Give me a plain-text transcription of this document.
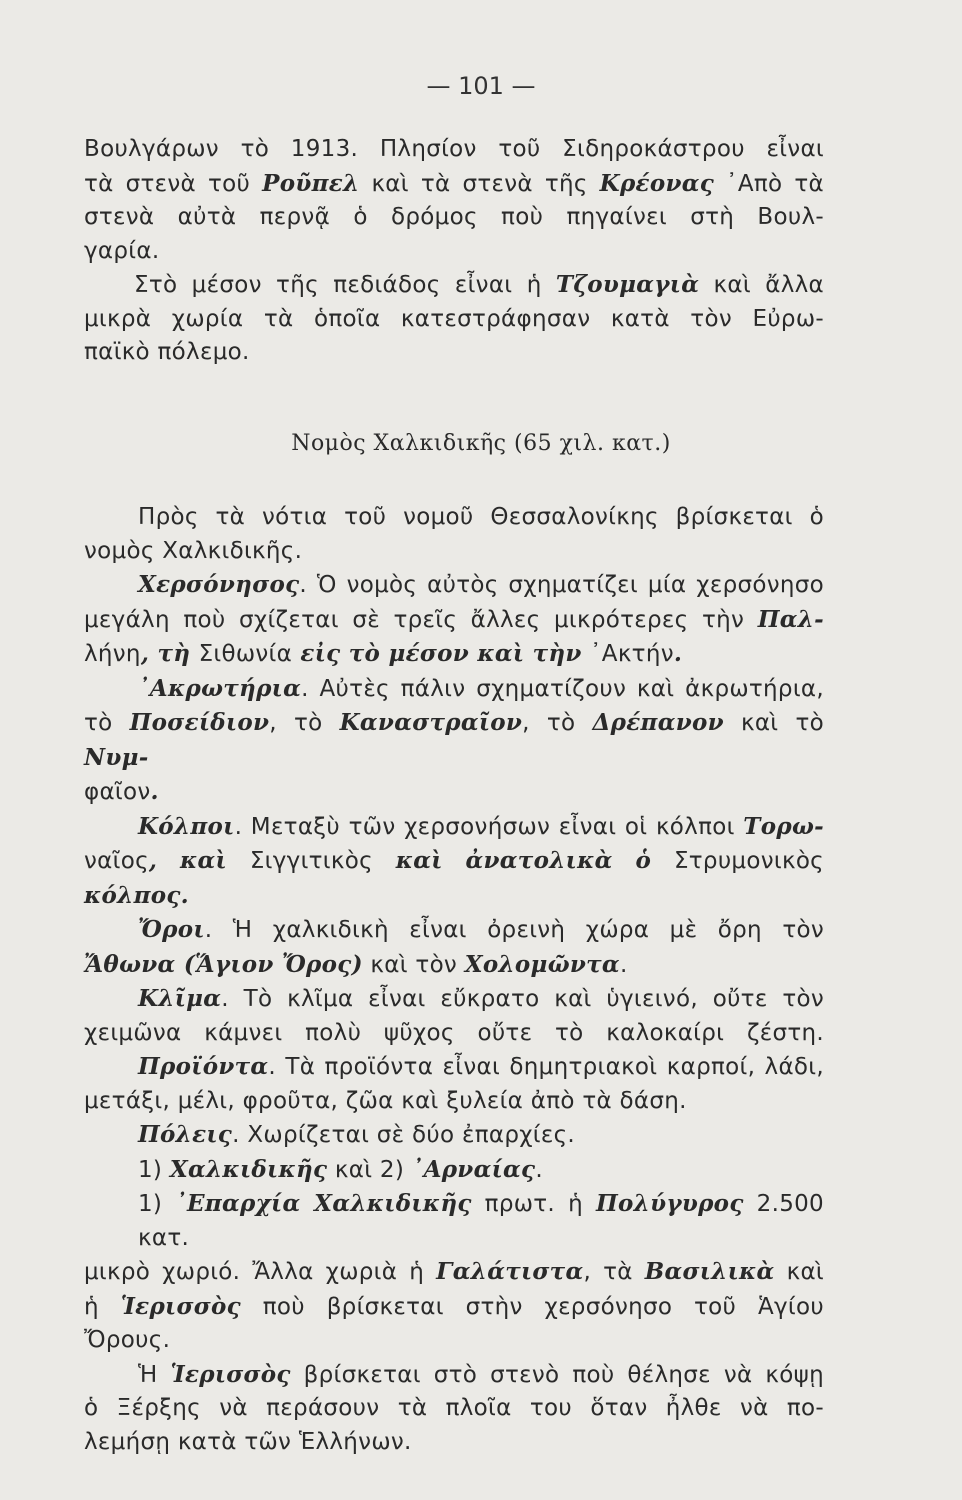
— 101 —
Βουλγάρων τὸ 1913. Πλησίον τοῦ Σιδηροκάστρου εἶναι
τὰ στενὰ τοῦ Ροῦπελ καὶ τὰ στενὰ τῆς Κρέονας ᾿Απὸ τὰ
στενὰ αὐτὰ περνᾷ ὁ δρόμος ποὺ πηγαίνει στὴ Βουλ-
γαρία.
Στὸ μέσον τῆς πεδιάδος εἶναι ἡ Τζουμαγιὰ καὶ ἄλλα
μικρὰ χωρία τὰ ὁποῖα κατεστράφησαν κατὰ τὸν Εὐρω-
παϊκὸ πόλεμο.
Νομὸς Χαλκιδικῆς (65 χιλ. κατ.)
Πρὸς τὰ νότια τοῦ νομοῦ Θεσσαλονίκης βρίσκεται ὁ
νομὸς Χαλκιδικῆς.
Χερσόνησος. Ὁ νομὸς αὐτὸς σχηματίζει μία χερσόνησο
μεγάλη ποὺ σχίζεται σὲ τρεῖς ἄλλες μικρότερες τὴν Παλ-
λήνη, τὴ Σιθωνία εἰς τὸ μέσον καὶ τὴν ᾿Ακτήν.
᾿Ακρωτήρια. Αὐτὲς πάλιν σχηματίζουν καὶ ἀκρωτήρια,
τὸ Ποσείδιον, τὸ Καναστραῖον, τὸ Δρέπανον καὶ τὸ Νυμ-
φαῖον.
Κόλποι. Μεταξὺ τῶν χερσονήσων εἶναι οἱ κόλποι Τορω-
ναῖος, καὶ Σιγγιτικὸς καὶ ἀνατολικὰ ὁ Στρυμονικὸς κόλπος.
Ὄροι. Ἡ χαλκιδικὴ εἶναι ὀρεινὴ χώρα μὲ ὄρη τὸν
Ἄθωνα (Ἅγιον Ὄρος) καὶ τὸν Χολομῶντα.
Κλῖμα. Τὸ κλῖμα εἶναι εὔκρατο καὶ ὑγιεινό, οὔτε τὸν
χειμῶνα κάμνει πολὺ ψῦχος οὔτε τὸ καλοκαίρι ζέστη.
Προϊόντα. Τὰ προϊόντα εἶναι δημητριακοὶ καρποί, λάδι,
μετάξι, μέλι, φροῦτα, ζῶα καὶ ξυλεία ἀπὸ τὰ δάση.
Πόλεις. Χωρίζεται σὲ δύο ἐπαρχίες.
1) Χαλκιδικῆς καὶ 2) ᾿Αρναίας.
1) ᾿Επαρχία Χαλκιδικῆς πρωτ. ἡ Πολύγυρος 2.500 κατ.
μικρὸ χωριό. Ἄλλα χωριὰ ἡ Γαλάτιστα, τὰ Βασιλικὰ καὶ
ἡ Ἱερισσὸς ποὺ βρίσκεται στὴν χερσόνησο τοῦ Ἁγίου
Ὄρους.
Ἡ Ἱερισσὸς βρίσκεται στὸ στενὸ ποὺ θέλησε νὰ κόψῃ
ὁ Ξέρξης νὰ περάσουν τὰ πλοῖα του ὅταν ἦλθε νὰ πο-
λεμήσῃ κατὰ τῶν Ἑλλήνων.
